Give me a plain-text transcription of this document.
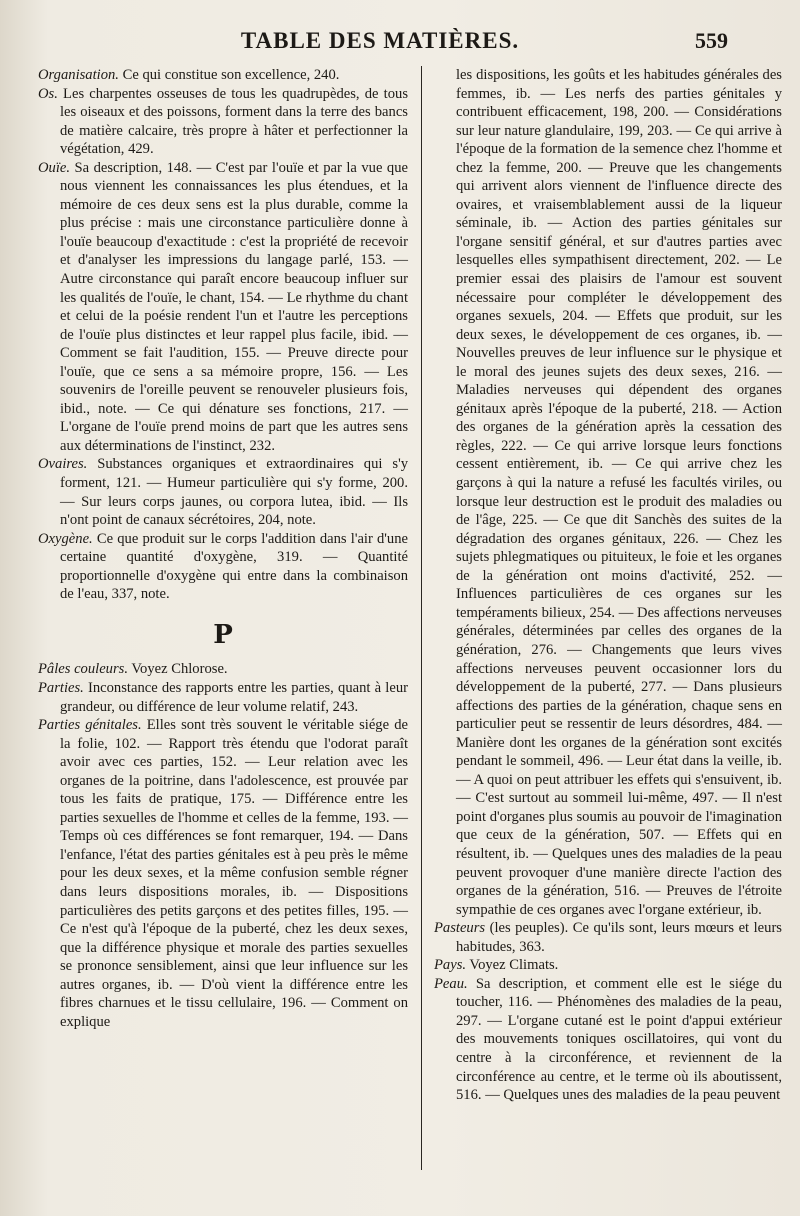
TABLE DES MATIÈRES.	559

Organisation. Ce qui constitue son excellence, 240.

Os. Les charpentes osseuses de tous les quadrupèdes, de tous les oiseaux et des poissons, forment dans la terre des bancs de matière calcaire, très propre à hâter et perfectionner la végétation, 429.

Ouïe. Sa description, 148. — C'est par l'ouïe et par la vue que nous viennent les connaissances les plus étendues, et la mémoire de ces deux sens est la plus durable, comme la plus précise : mais une circonstance particulière donne à l'ouïe beaucoup d'exactitude : c'est la propriété de recevoir et d'analyser les impressions du langage parlé, 153. — Autre circonstance qui paraît encore beaucoup influer sur les qualités de l'ouïe, le chant, 154. — Le rhythme du chant et celui de la poésie rendent l'un et l'autre les perceptions de l'ouïe plus distinctes et leur rappel plus facile, ibid. — Comment se fait l'audition, 155. — Preuve directe pour l'ouïe, que ce sens a sa mémoire propre, 156. — Les souvenirs de l'oreille peuvent se renouveler plusieurs fois, ibid., note. — Ce qui dénature ses fonctions, 217. — L'organe de l'ouïe prend moins de part que les autres sens aux déterminations de l'instinct, 232.

Ovaires. Substances organiques et extraordinaires qui s'y forment, 121. — Humeur particulière qui s'y forme, 200. — Sur leurs corps jaunes, ou corpora lutea, ibid. — Ils n'ont point de canaux sécrétoires, 204, note.

Oxygène. Ce que produit sur le corps l'addition dans l'air d'une certaine quantité d'oxygène, 319. — Quantité proportionnelle d'oxygène qui entre dans la combinaison de l'eau, 337, note.

P

Pâles couleurs. Voyez Chlorose.

Parties. Inconstance des rapports entre les parties, quant à leur grandeur, ou différence de leur volume relatif, 243.

Parties génitales. Elles sont très souvent le véritable siége de la folie, 102. — Rapport très étendu que l'odorat paraît avoir avec ces parties, 152. — Leur relation avec les organes de la poitrine, dans l'adolescence, est prouvée par tous les faits de pratique, 175. — Différence entre les parties sexuelles de l'homme et celles de la femme, 193. — Temps où ces différences se font remarquer, 194. — Dans l'enfance, l'état des parties génitales est à peu près le même pour les deux sexes, et la même confusion semble régner dans leurs dispositions morales, ib. — Dispositions particulières des petits garçons et des petites filles, 195. — Ce n'est qu'à l'époque de la puberté, chez les deux sexes, que la différence physique et morale des parties sexuelles se prononce sensiblement, ainsi que leur influence sur les autres organes, ib. — D'où vient la différence entre les fibres charnues et le tissu cellulaire, 196. — Comment on explique

les dispositions, les goûts et les habitudes générales des femmes, ib. — Les nerfs des parties génitales y contribuent efficacement, 198, 200. — Considérations sur leur nature glandulaire, 199, 203. — Ce qui arrive à l'époque de la formation de la semence chez l'homme et chez la femme, 200. — Preuve que les changements qui arrivent alors viennent de l'influence directe des ovaires, et vraisemblablement aussi de la liqueur séminale, ib. — Action des parties génitales sur l'organe sensitif général, et sur d'autres parties avec lesquelles elles sympathisent directement, 202. — Le premier essai des plaisirs de l'amour est souvent nécessaire pour compléter le développement des organes sexuels, 204. — Effets que produit, sur les deux sexes, le développement de ces organes, ib. — Nouvelles preuves de leur influence sur le physique et le moral des jeunes sujets des deux sexes, 216. — Maladies nerveuses qui dépendent des organes génitaux après l'époque de la puberté, 218. — Action des organes de la génération après la cessation des règles, 222. — Ce qui arrive lorsque leurs fonctions cessent entièrement, ib. — Ce qui arrive chez les garçons à qui la nature a refusé les facultés viriles, ou lorsque leur destruction est le produit des maladies ou de l'âge, 225. — Ce que dit Sanchès des suites de la dégradation des organes génitaux, 226. — Chez les sujets phlegmatiques ou pituiteux, le foie et les organes de la génération ont moins d'activité, 252. — Influences particulières de ces organes sur les tempéraments bilieux, 254. — Des affections nerveuses générales, déterminées par celles des organes de la génération, 276. — Changements que leurs vives affections nerveuses peuvent occasionner lors du développement de la puberté, 277. — Dans plusieurs affections des parties de la génération, chaque sens en particulier peut se ressentir de leurs désordres, 484. — Manière dont les organes de la génération sont excités pendant le sommeil, 496. — Leur état dans la veille, ib. — A quoi on peut attribuer les effets qui s'ensuivent, ib. — C'est surtout au sommeil lui-même, 497. — Il n'est point d'organes plus soumis au pouvoir de l'imagination que ceux de la génération, 507. — Effets qui en résultent, ib. — Quelques unes des maladies de la peau peuvent provoquer d'une manière directe l'action des organes de la génération, 516. — Preuves de l'étroite sympathie de ces organes avec l'organe extérieur, ib.

Pasteurs (les peuples). Ce qu'ils sont, leurs mœurs et leurs habitudes, 363.

Pays. Voyez Climats.

Peau. Sa description, et comment elle est le siége du toucher, 116. — Phénomènes des maladies de la peau, 297. — L'organe cutané est le point d'appui extérieur des mouvements toniques oscillatoires, qui vont du centre à la circonférence, et reviennent de la circonférence au centre, et le terme où ils aboutissent, 516. — Quelques unes des maladies de la peau peuvent
